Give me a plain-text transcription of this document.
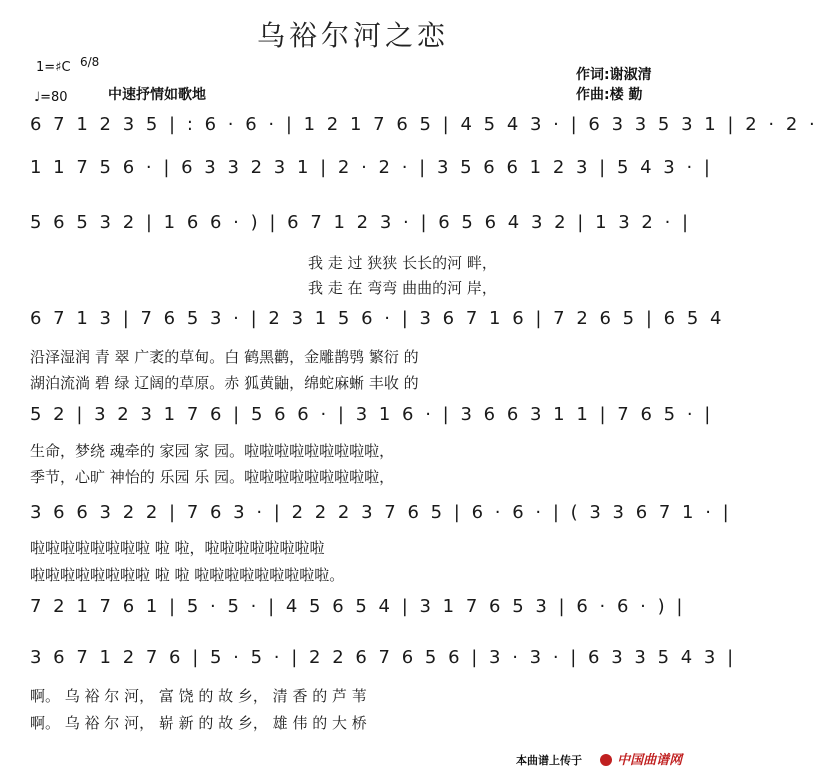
乌裕尔河之恋
1=♯C 6/8
♩=80	中速抒情如歌地
作词:谢淑清
作曲:楼 勤
6 7 1 2 3 5 | : 6 · 6 · | 1 2 1 7 6 5 | 4 5 4 3 · | 6 3 3 5 3 1 | 2 · 2 ·
1 1 7 5 6 · | 6 3 3 2 3 1 | 2 · 2 · | 3 5 6 6 1 2 3 | 5 4 3 · |
5 6 5 3 2 | 1 6 6 · ) | 6 7 1 2 3 · | 6 5 6 4 3 2 | 1 3 2 · |
6 7 1 3 | 7 6 5 3 · | 2 3 1 5 6 · | 3 6 7 1 6 | 7 2 6 5 | 6 5 4
5 2 | 3 2 3 1 7 6 | 5 6 6 · | 3 1 6 · | 3 6 6 3 1 1 | 7 6 5 · |
3 6 6 3 2 2 | 7 6 3 · | 2 2 2 3 7 6 5 | 6 · 6 · | ( 3 3 6 7 1 · |
7 2 1 7 6 1 | 5 · 5 · | 4 5 6 5 4 | 3 1 7 6 5 3 | 6 · 6 · ) |
3 6 7 1 2 7 6 | 5 · 5 · | 2 2 6 7 6 5 6 | 3 · 3 · | 6 3 3 5 4 3 |
我 走 过 狭狭 长长的河 畔，
我 走 在 弯弯 曲曲的河 岸，
沿泽湿润 青 翠 广袤的草甸。白 鹤黑鹳，金雕鹊鸮 繁衍 的
湖泊流淌 碧 绿 辽阔的草原。赤 狐黄鼬，绵蛇麻蜥 丰收 的
生命，梦绕 魂牵的 家园 家 园。啦啦啦啦啦啦啦啦啦，
季节，心旷 神怡的 乐园 乐 园。啦啦啦啦啦啦啦啦啦，
啦啦啦啦啦啦啦啦 啦 啦，啦啦啦啦啦啦啦啦
啦啦啦啦啦啦啦啦 啦 啦 啦啦啦啦啦啦啦啦啦。
啊。 乌 裕 尔 河， 富 饶 的 故 乡， 清 香 的 芦 苇
啊。 乌 裕 尔 河， 崭 新 的 故 乡， 雄 伟 的 大 桥
本曲谱上传于	中国曲谱网
